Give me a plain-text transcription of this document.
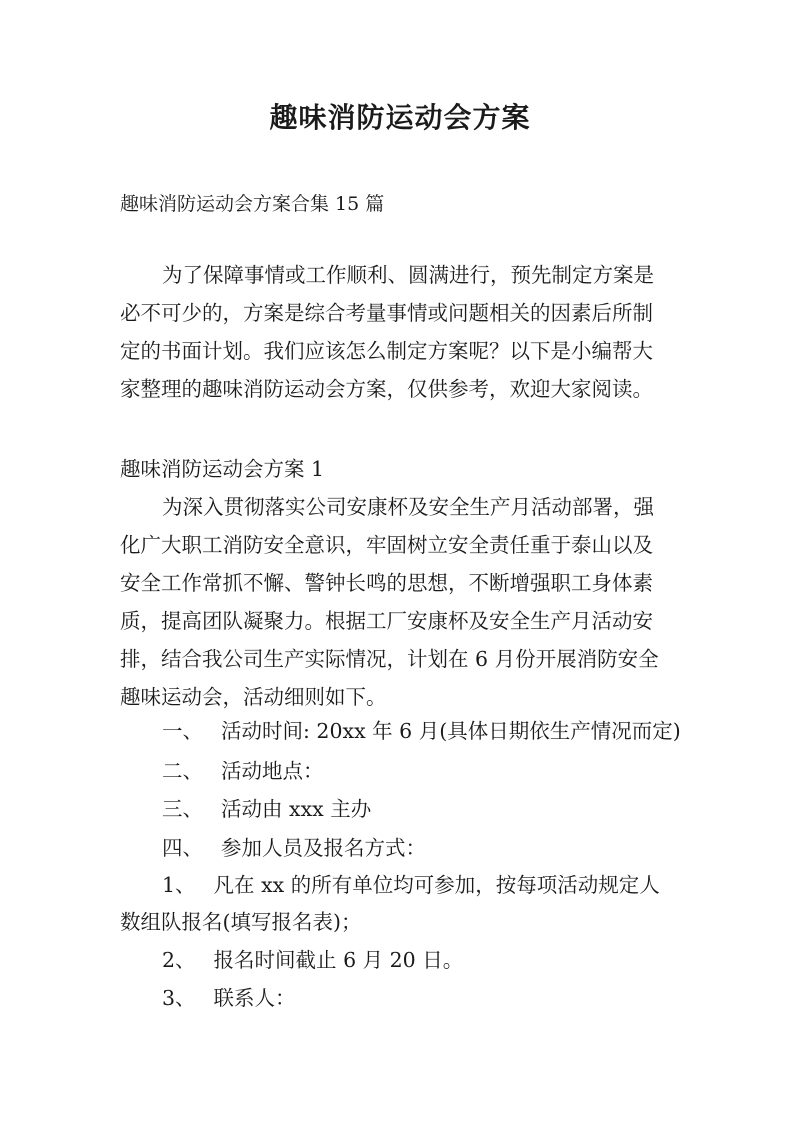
趣味消防运动会方案
趣味消防运动会方案合集 15 篇
为了保障事情或工作顺利、圆满进行，预先制定方案是
必不可少的，方案是综合考量事情或问题相关的因素后所制
定的书面计划。我们应该怎么制定方案呢？以下是小编帮大
家整理的趣味消防运动会方案，仅供参考，欢迎大家阅读。
趣味消防运动会方案 1
为深入贯彻落实公司安康杯及安全生产月活动部署，强
化广大职工消防安全意识，牢固树立安全责任重于泰山以及
安全工作常抓不懈、警钟长鸣的思想，不断增强职工身体素
质，提高团队凝聚力。根据工厂安康杯及安全生产月活动安
排，结合我公司生产实际情况，计划在 6 月份开展消防安全
趣味运动会，活动细则如下。
一、 活动时间: 20xx 年 6 月(具体日期依生产情况而定)
二、 活动地点：
三、 活动由 xxx 主办
四、 参加人员及报名方式：
1、 凡在 xx 的所有单位均可参加，按每项活动规定人
数组队报名(填写报名表)；
2、 报名时间截止 6 月 20 日。
3、 联系人：
